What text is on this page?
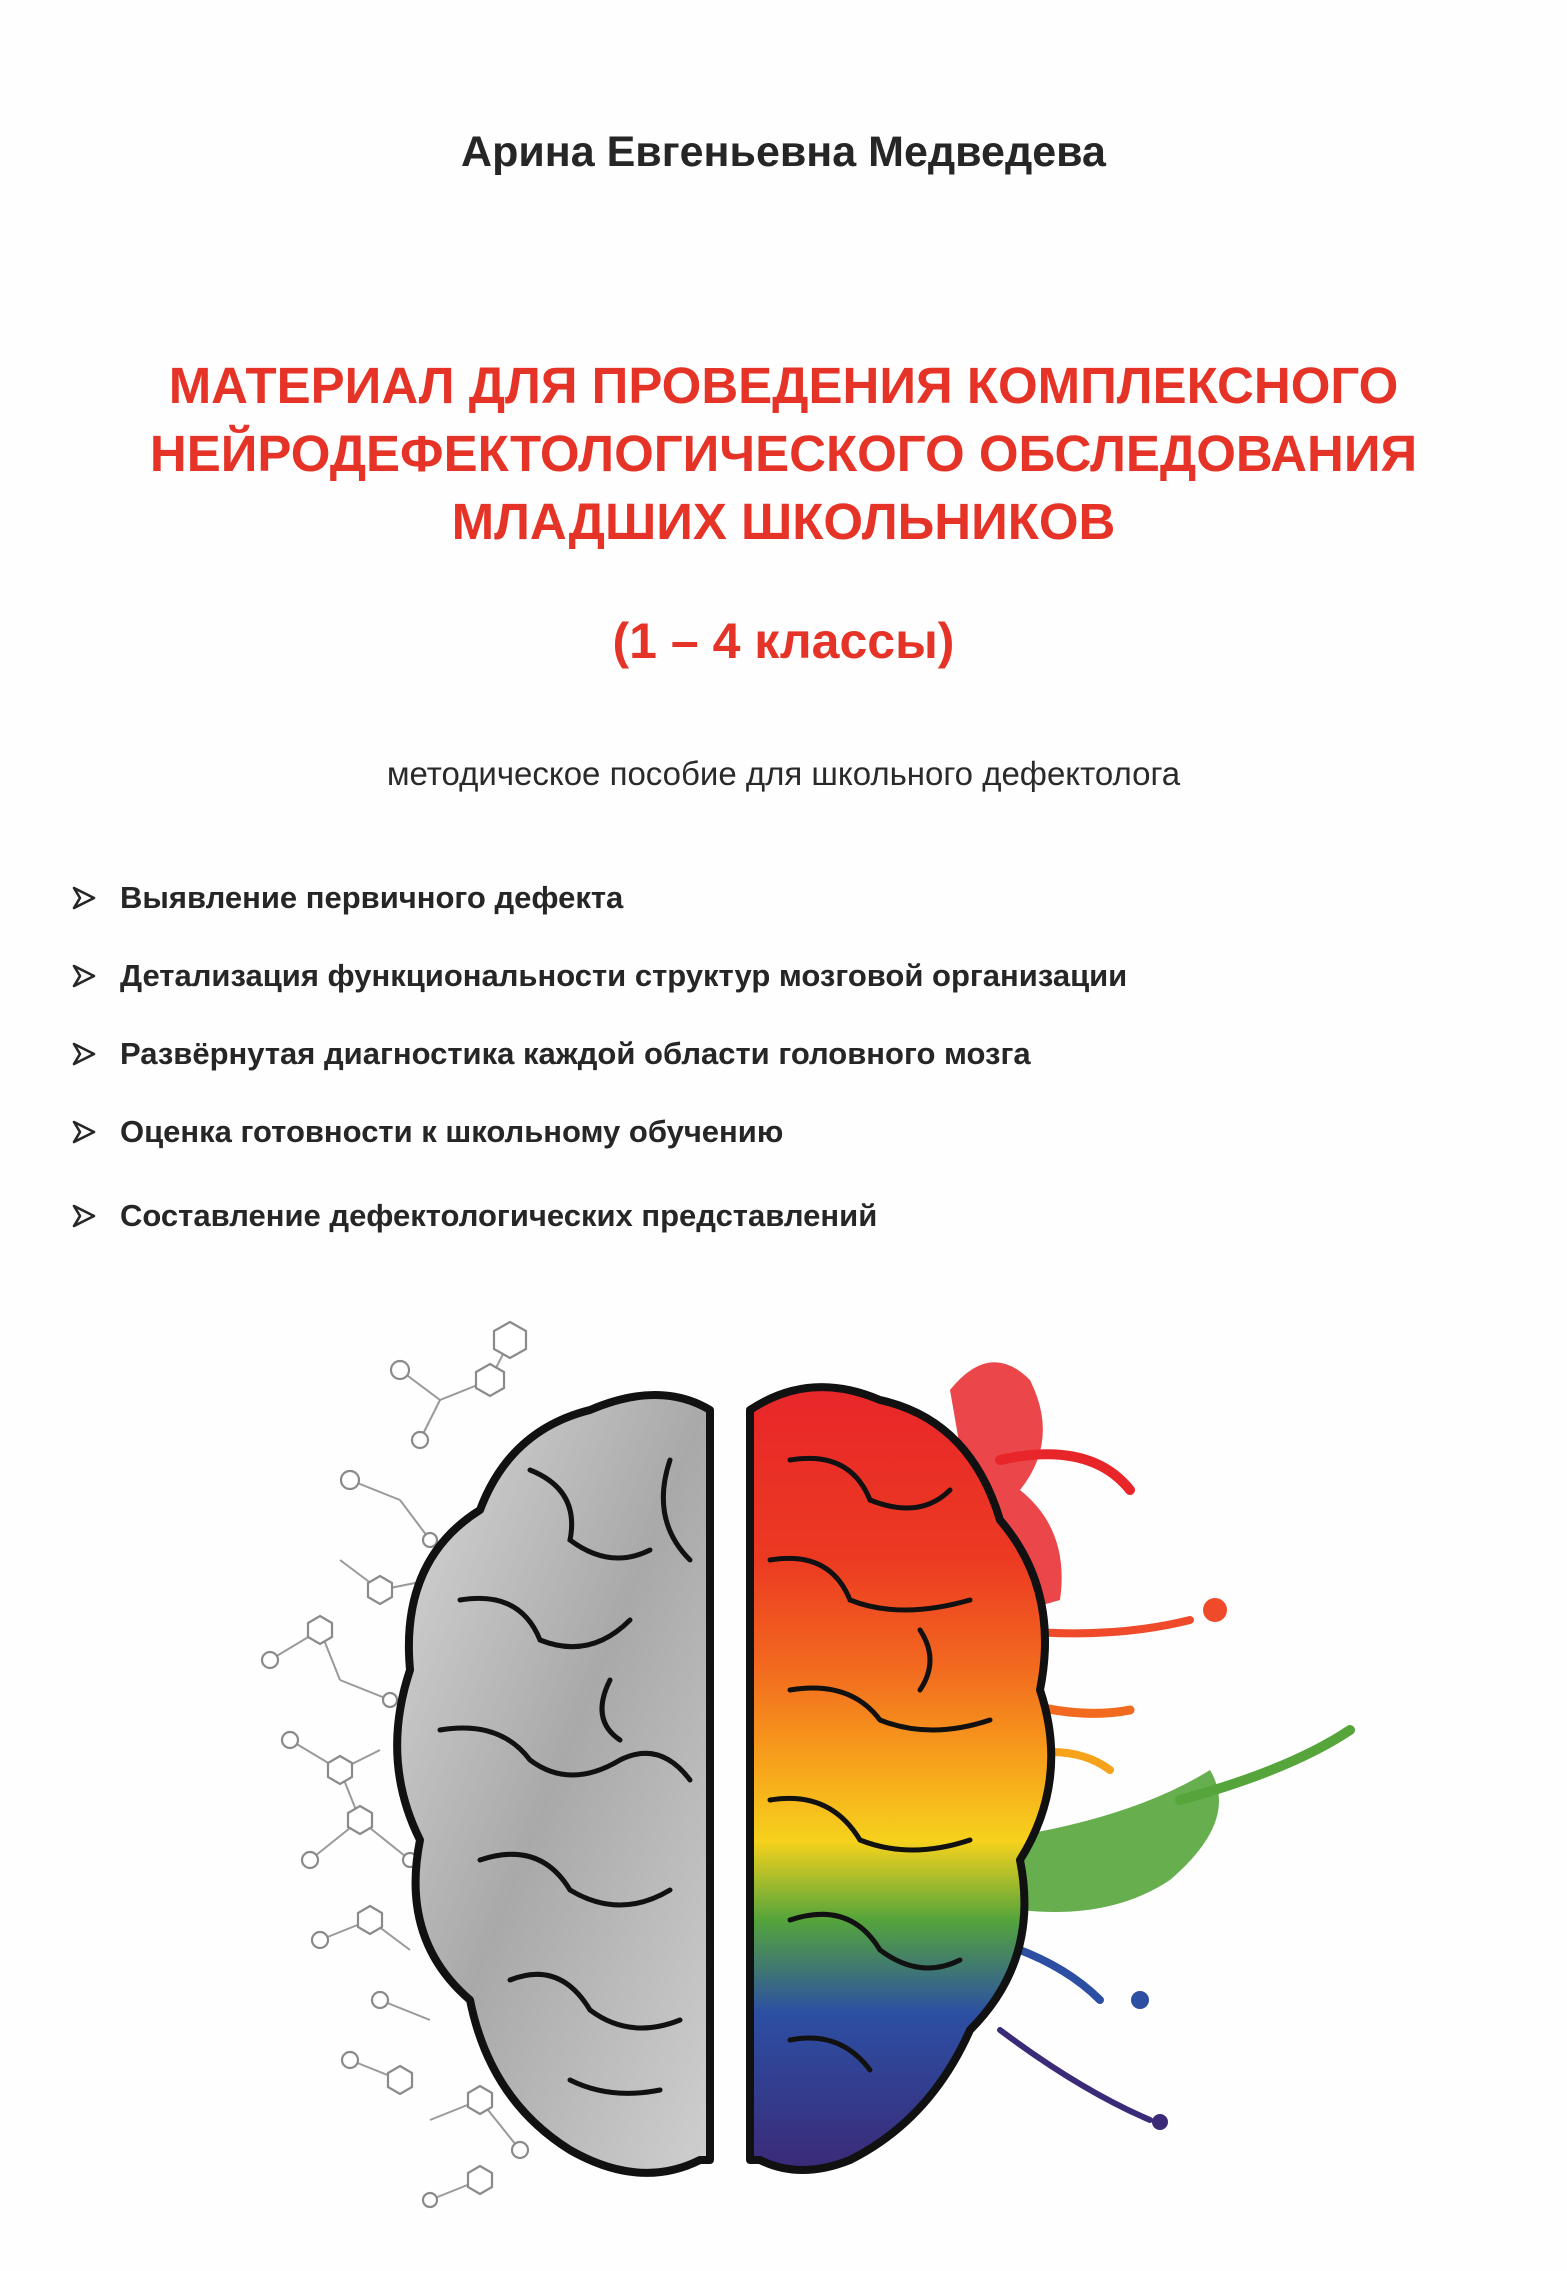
Арина Евгеньевна Медведева
МАТЕРИАЛ ДЛЯ ПРОВЕДЕНИЯ КОМПЛЕКСНОГО
НЕЙРОДЕФЕКТОЛОГИЧЕСКОГО ОБСЛЕДОВАНИЯ
МЛАДШИХ ШКОЛЬНИКОВ
(1 – 4 классы)
методическое пособие для школьного дефектолога
Выявление первичного дефекта
Детализация функциональности структур мозговой организации
Развёрнутая диагностика каждой области головного мозга
Оценка готовности к школьному обучению
Составление дефектологических представлений
